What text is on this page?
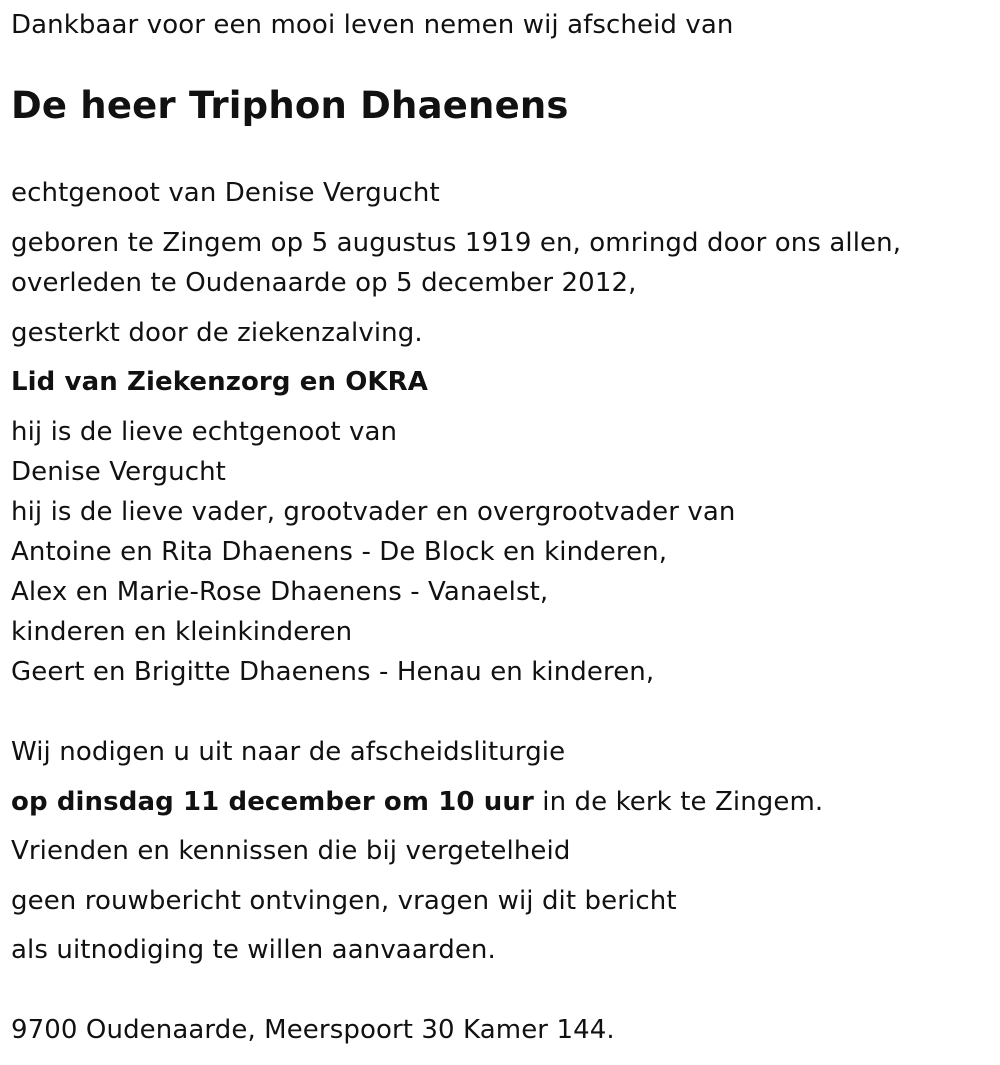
Dankbaar voor een mooi leven nemen wij afscheid van
De heer Triphon Dhaenens
echtgenoot van Denise Vergucht
geboren te Zingem op 5 augustus 1919 en, omringd door ons allen,
overleden te Oudenaarde op 5 december 2012,
gesterkt door de ziekenzalving.
Lid van Ziekenzorg en OKRA
hij is de lieve echtgenoot van
Denise Vergucht
hij is de lieve vader, grootvader en overgrootvader van
Antoine en Rita Dhaenens - De Block en kinderen,
Alex en Marie-Rose Dhaenens - Vanaelst,
kinderen en kleinkinderen
Geert en Brigitte Dhaenens - Henau en kinderen,
Wij nodigen u uit naar de afscheidsliturgie
op dinsdag 11 december om 10 uur in de kerk te Zingem.
Vrienden en kennissen die bij vergetelheid
geen rouwbericht ontvingen, vragen wij dit bericht
als uitnodiging te willen aanvaarden.
9700 Oudenaarde, Meerspoort 30 Kamer 144.
